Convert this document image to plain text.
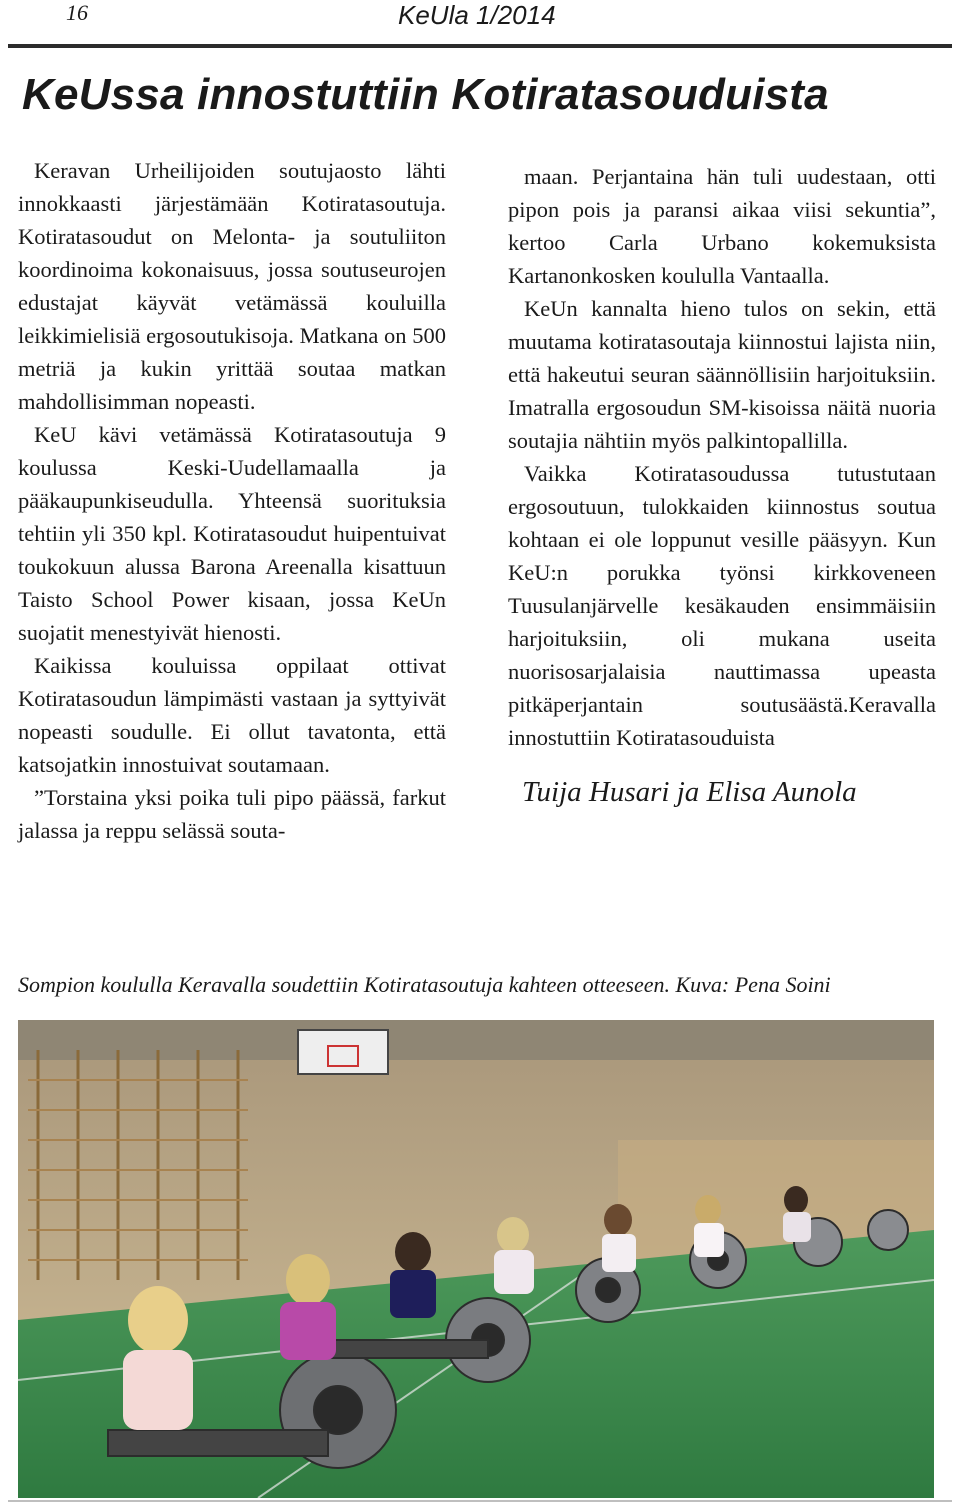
16	KeUla 1/2014
KeUssa innostuttiin Kotiratasouduista

Keravan Urheilijoiden soutujaosto lähti innokkaasti järjestämään Kotiratasoutuja. Kotiratasoudut on Melonta- ja soutuliiton koordinoima kokonaisuus, jossa soutuseurojen edustajat käyvät vetämässä kouluilla leikkimielisiä ergosoutukisoja. Matkana on 500 metriä ja kukin yrittää soutaa matkan mahdollisimman nopeasti.

KeU kävi vetämässä Kotiratasoutuja 9 koulussa Keski-Uudellamaalla ja pääkaupunkiseudulla. Yhteensä suorituksia tehtiin yli 350 kpl. Kotiratasoudut huipentuivat toukokuun alussa Barona Areenalla kisattuun Taisto School Power kisaan, jossa KeUn suojatit menestyivät hienosti.

Kaikissa kouluissa oppilaat ottivat Kotiratasoudun lämpimästi vastaan ja syttyivät nopeasti soudulle. Ei ollut tavatonta, että katsojatkin innostuivat soutamaan.

”Torstaina yksi poika tuli pipo päässä, farkut jalassa ja reppu selässä souta-

maan. Perjantaina hän tuli uudestaan, otti pipon pois ja paransi aikaa viisi sekuntia”, kertoo Carla Urbano kokemuksista Kartanonkosken koululla Vantaalla.

KeUn kannalta hieno tulos on sekin, että muutama kotiratasoutaja kiinnostui lajista niin, että hakeutui seuran säännöllisiin harjoituksiin. Imatralla ergosoudun SM-kisoissa näitä nuoria soutajia nähtiin myös palkintopallilla.

Vaikka Kotiratasoudussa tutustutaan ergosoutuun, tulokkaiden kiinnostus soutua kohtaan ei ole loppunut vesille pääsyyn. Kun KeU:n porukka työnsi kirkkoveneen Tuusulanjärvelle kesäkauden ensimmäisiin harjoituksiin, oli mukana useita nuorisosarjalaisia nauttimassa upeasta pitkäperjantain soutusäästä.Keravalla innostuttiin Kotiratasouduista

Tuija Husari ja Elisa Aunola

Sompion koululla Keravalla soudettiin Kotiratasoutuja kahteen otteeseen. Kuva: Pena Soini
